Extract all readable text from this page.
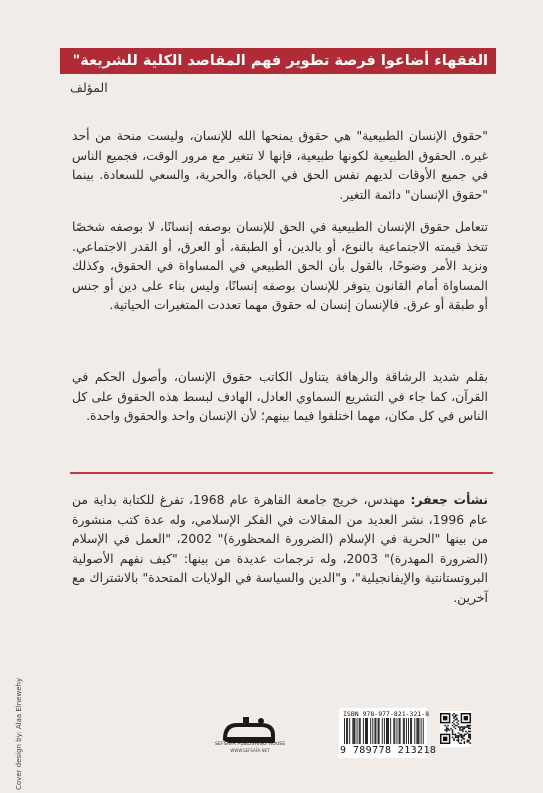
الفقهاء أضاعوا فرصة تطوير فهم المقاصد الكلية للشريعة"
المؤلف
"حقوق الإنسان الطبيعية" هي حقوق يمنحها الله للإنسان، وليست منحة من أحد غيره. الحقوق الطبيعية لكونها طبيعية، فإنها لا تتغير مع مرور الوقت، فجميع الناس في جميع الأوقات لديهم نفس الحق في الحياة، والحرية، والسعي للسعادة. بينما "حقوق الإنسان" دائمة التغير.
تتعامل حقوق الإنسان الطبيعية في الحق للإنسان بوصفه إنسانًا، لا بوصفه شخصًا تتخذ قيمته الاجتماعية بالنوع، أو بالدين، أو الطبقة، أو العرق، أو القدر الاجتماعي. ونزيد الأمر وضوحًا، بالقول بأن الحق الطبيعي في المساواة في الحقوق، وكذلك المساواة أمام القانون يتوفر للإنسان بوصفه إنسانًا، وليس بناء على دين أو جنس أو طبقة أو عرق. فالإنسان إنسان له حقوق مهما تعددت المتغيرات الحياتية.
بقلم شديد الرشاقة والرهافة يتناول الكاتب حقوق الإنسان، وأصول الحكم في القرآن، كما جاء في التشريع السماوي العادل، الهادف لبسط هذه الحقوق على كل الناس في كل مكان، مهما اختلفوا فيما بينهم؛ لأن الإنسان واحد والحقوق واحدة.
نشأت جعفر: مهندس، خريج جامعة القاهرة عام 1968، تفرغ للكتابة بداية من عام 1996، نشر العديد من المقالات في الفكر الإسلامي، وله عدة كتب منشورة من بينها "الحرية في الإسلام (الضرورة المحظورة)" 2002، "العمل في الإسلام (الضرورة المهدرة)" 2003، وله ترجمات عديدة من بينها: "كيف نفهم الأصولية البروتستانتية والإيفانجيلية"، و"الدين والسياسة في الولايات المتحدة" بالاشتراك مع آخرين.
Cover design by: Alaa Elnewehy	SEFSAFA PUBLISHING HOUSE
WWW.SEFSAFA.NET
ISBN 978-977-821-321-8
9 789778 213218
